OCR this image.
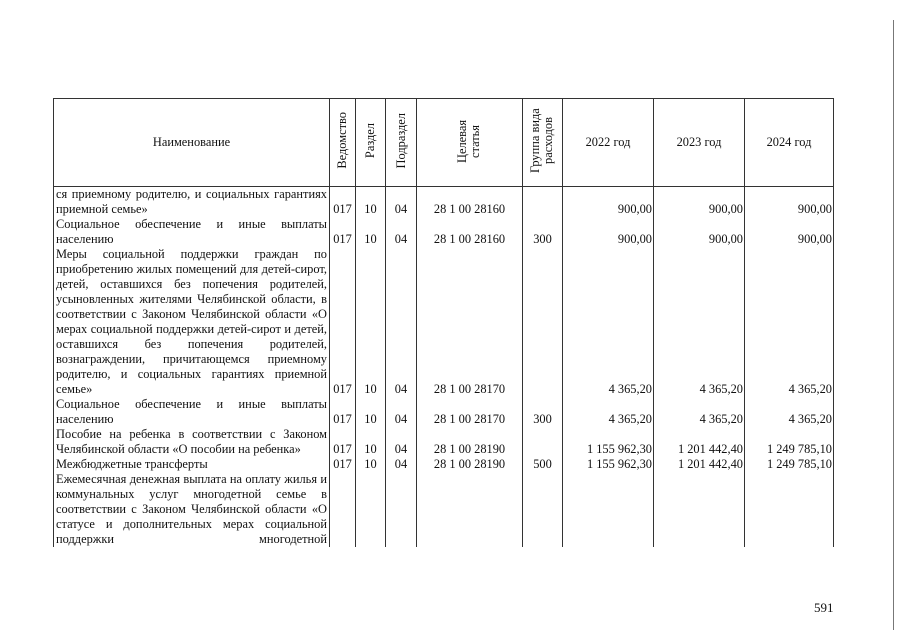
Наименование	Ведомство	Раздел	Подраздел	Целевая статья	Группа вида расходов	2022 год	2023 год	2024 год
ся приемному родителю, и социальных гарантиях приемной семье»	017	10	04	28 1 00 28160		900,00	900,00	900,00
Социальное обеспечение и иные выплаты населению	017	10	04	28 1 00 28160	300	900,00	900,00	900,00
Меры социальной поддержки граждан по приобретению жилых помещений для детей-сирот, детей, оставшихся без попечения родителей, усыновленных жителями Челябинской области, в соответствии с Законом Челябинской области «О мерах социальной поддержки детей-сирот и детей, оставшихся без попечения родителей, вознаграждении, причитающемся приемному родителю, и социальных гарантиях приемной семье»	017	10	04	28 1 00 28170		4 365,20	4 365,20	4 365,20
Социальное обеспечение и иные выплаты населению	017	10	04	28 1 00 28170	300	4 365,20	4 365,20	4 365,20
Пособие на ребенка в соответствии с Законом Челябинской области «О пособии на ребенка»	017	10	04	28 1 00 28190		1 155 962,30	1 201 442,40	1 249 785,10
Межбюджетные трансферты	017	10	04	28 1 00 28190	500	1 155 962,30	1 201 442,40	1 249 785,10
Ежемесячная денежная выплата на оплату жилья и коммунальных услуг многодетной семье в соответствии с Законом Челябинской области «О статусе и дополнительных мерах социальной поддержки многодетной								
591
